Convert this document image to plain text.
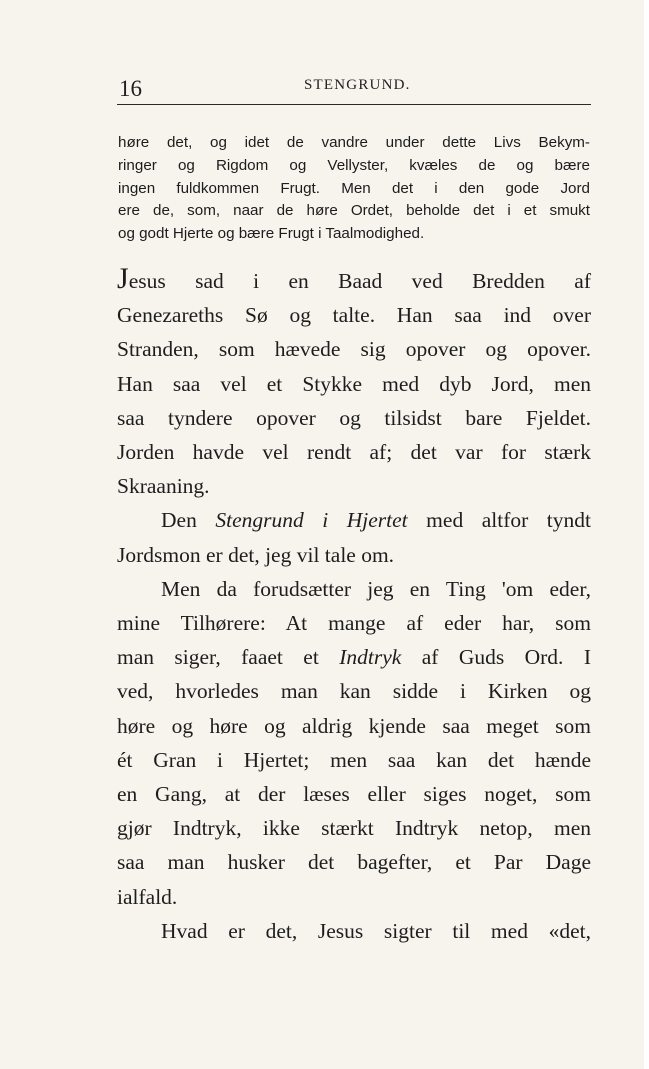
16	STENGRUND.
høre det, og idet de vandre under dette Livs Bekym-
ringer og Rigdom og Vellyster, kvæles de og bære
ingen fuldkommen Frugt. Men det i den gode Jord
ere de, som, naar de høre Ordet, beholde det i et smukt
og godt Hjerte og bære Frugt i Taalmodighed.
Jesus sad i en Baad ved Bredden af
Genezareths Sø og talte. Han saa ind over
Stranden, som hævede sig opover og opover.
Han saa vel et Stykke med dyb Jord, men
saa tyndere opover og tilsidst bare Fjeldet.
Jorden havde vel rendt af; det var for stærk
Skraaning.
Den Stengrund i Hjertet med altfor tyndt
Jordsmon er det, jeg vil tale om.
Men da forudsætter jeg en Ting 'om eder,
mine Tilhørere: At mange af eder har, som
man siger, faaet et Indtryk af Guds Ord. I
ved, hvorledes man kan sidde i Kirken og
høre og høre og aldrig kjende saa meget som
ét Gran i Hjertet; men saa kan det hænde
en Gang, at der læses eller siges noget, som
gjør Indtryk, ikke stærkt Indtryk netop, men
saa man husker det bagefter, et Par Dage
ialfald.
Hvad er det, Jesus sigter til med «det,
